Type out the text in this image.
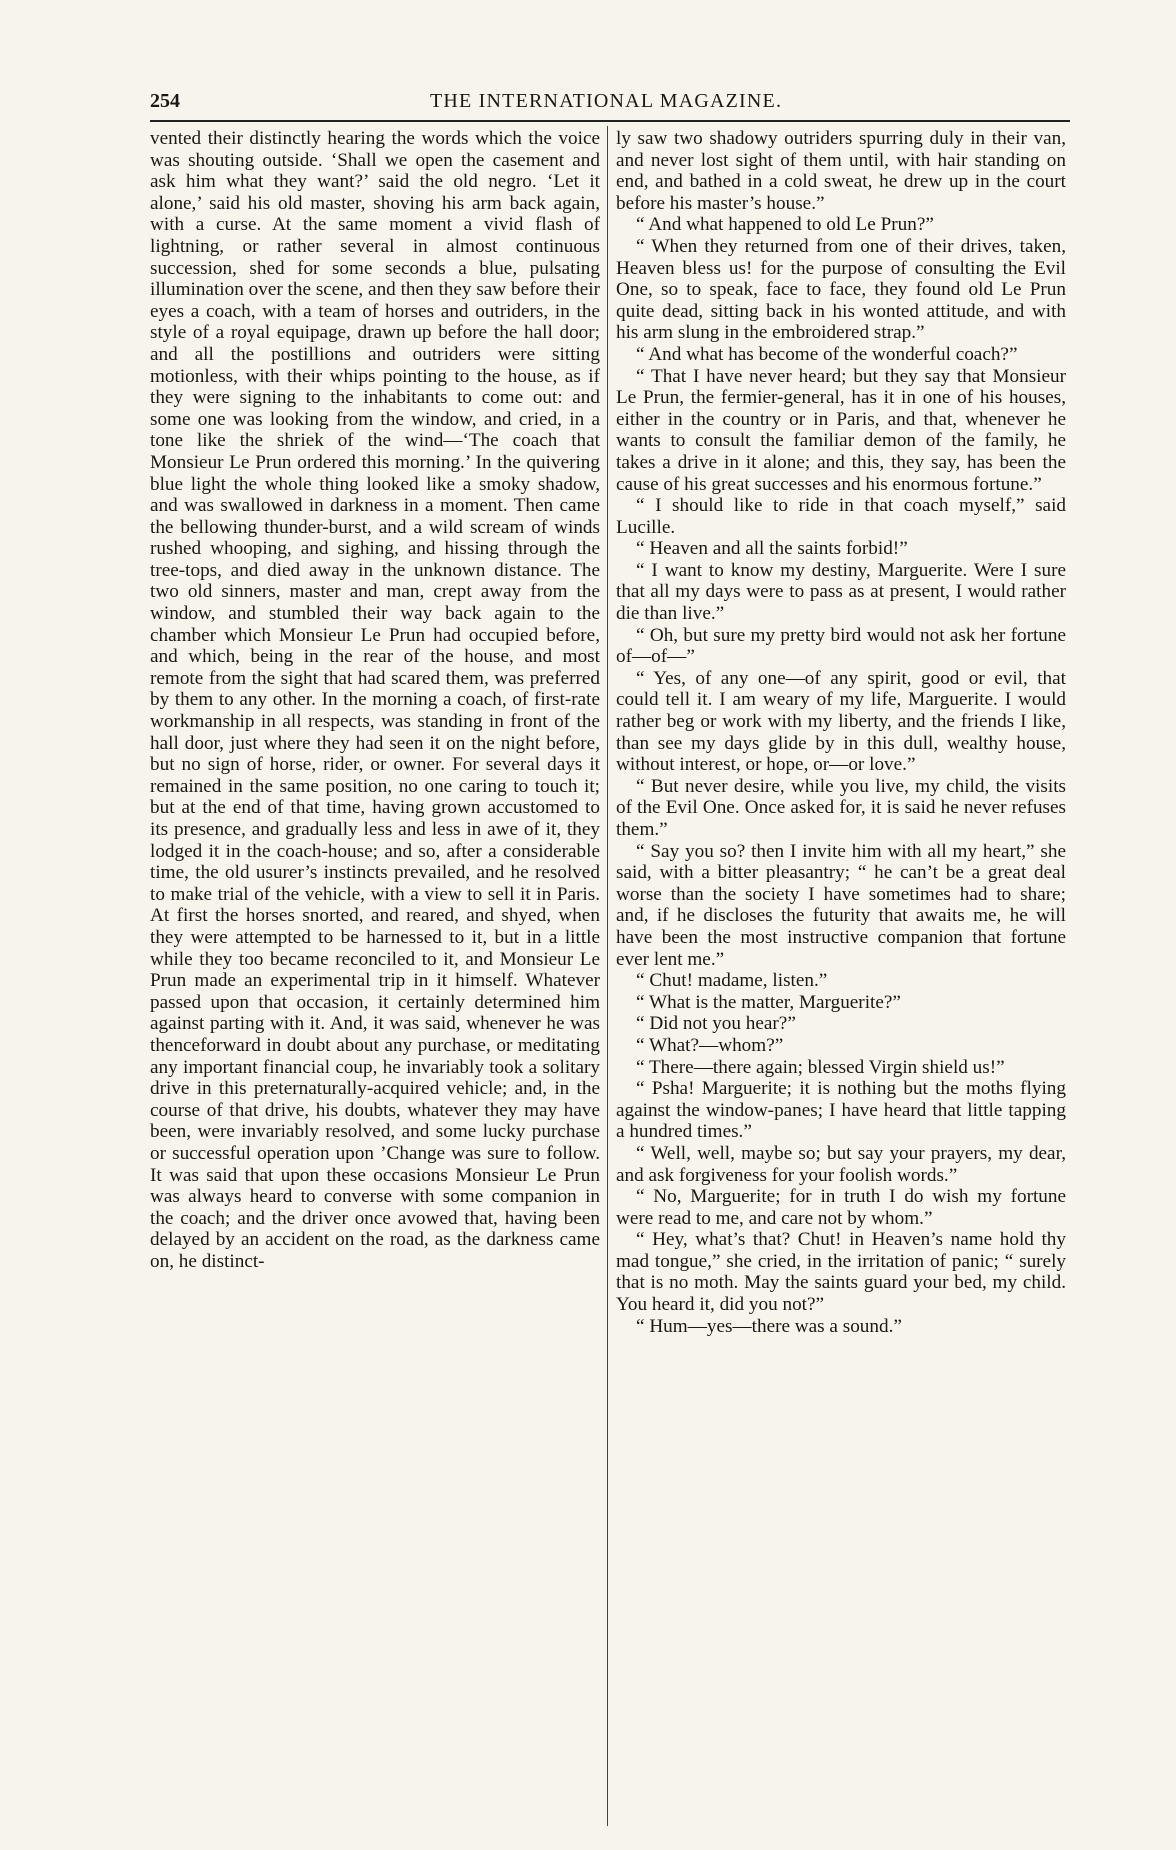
254	THE INTERNATIONAL MAGAZINE.

vented their distinctly hearing the words which the voice was shouting outside. ‘Shall we open the casement and ask him what they want?’ said the old negro. ‘Let it alone,’ said his old master, shoving his arm back again, with a curse. At the same moment a vivid flash of lightning, or rather several in almost continuous succession, shed for some seconds a blue, pulsating illumination over the scene, and then they saw before their eyes a coach, with a team of horses and outriders, in the style of a royal equipage, drawn up before the hall door; and all the postillions and outriders were sitting motionless, with their whips pointing to the house, as if they were signing to the inhabitants to come out: and some one was looking from the window, and cried, in a tone like the shriek of the wind—‘The coach that Monsieur Le Prun ordered this morning.’ In the quivering blue light the whole thing looked like a smoky shadow, and was swallowed in darkness in a moment. Then came the bellowing thunder-burst, and a wild scream of winds rushed whooping, and sighing, and hissing through the tree-tops, and died away in the unknown distance. The two old sinners, master and man, crept away from the window, and stumbled their way back again to the chamber which Monsieur Le Prun had occupied before, and which, being in the rear of the house, and most remote from the sight that had scared them, was preferred by them to any other. In the morning a coach, of first-rate workmanship in all respects, was standing in front of the hall door, just where they had seen it on the night before, but no sign of horse, rider, or owner. For several days it remained in the same position, no one caring to touch it; but at the end of that time, having grown accustomed to its presence, and gradually less and less in awe of it, they lodged it in the coach-house; and so, after a considerable time, the old usurer’s instincts prevailed, and he resolved to make trial of the vehicle, with a view to sell it in Paris. At first the horses snorted, and reared, and shyed, when they were attempted to be harnessed to it, but in a little while they too became reconciled to it, and Monsieur Le Prun made an experimental trip in it himself. Whatever passed upon that occasion, it certainly determined him against parting with it. And, it was said, whenever he was thenceforward in doubt about any purchase, or meditating any important financial coup, he invariably took a solitary drive in this preternaturally-acquired vehicle; and, in the course of that drive, his doubts, whatever they may have been, were invariably resolved, and some lucky purchase or successful operation upon ’Change was sure to follow. It was said that upon these occasions Monsieur Le Prun was always heard to converse with some companion in the coach; and the driver once avowed that, having been delayed by an accident on the road, as the darkness came on, he distinct-

ly saw two shadowy outriders spurring duly in their van, and never lost sight of them until, with hair standing on end, and bathed in a cold sweat, he drew up in the court before his master’s house.”

“ And what happened to old Le Prun?”

“ When they returned from one of their drives, taken, Heaven bless us! for the purpose of consulting the Evil One, so to speak, face to face, they found old Le Prun quite dead, sitting back in his wonted attitude, and with his arm slung in the embroidered strap.”

“ And what has become of the wonderful coach?”

“ That I have never heard; but they say that Monsieur Le Prun, the fermier-general, has it in one of his houses, either in the country or in Paris, and that, whenever he wants to consult the familiar demon of the family, he takes a drive in it alone; and this, they say, has been the cause of his great successes and his enormous fortune.”

“ I should like to ride in that coach myself,” said Lucille.

“ Heaven and all the saints forbid!”

“ I want to know my destiny, Marguerite. Were I sure that all my days were to pass as at present, I would rather die than live.”

“ Oh, but sure my pretty bird would not ask her fortune of—of—”

“ Yes, of any one—of any spirit, good or evil, that could tell it. I am weary of my life, Marguerite. I would rather beg or work with my liberty, and the friends I like, than see my days glide by in this dull, wealthy house, without interest, or hope, or—or love.”

“ But never desire, while you live, my child, the visits of the Evil One. Once asked for, it is said he never refuses them.”

“ Say you so? then I invite him with all my heart,” she said, with a bitter pleasantry; “ he can’t be a great deal worse than the society I have sometimes had to share; and, if he discloses the futurity that awaits me, he will have been the most instructive companion that fortune ever lent me.”

“ Chut! madame, listen.”

“ What is the matter, Marguerite?”

“ Did not you hear?”

“ What?—whom?”

“ There—there again; blessed Virgin shield us!”

“ Psha! Marguerite; it is nothing but the moths flying against the window-panes; I have heard that little tapping a hundred times.”

“ Well, well, maybe so; but say your prayers, my dear, and ask forgiveness for your foolish words.”

“ No, Marguerite; for in truth I do wish my fortune were read to me, and care not by whom.”

“ Hey, what’s that? Chut! in Heaven’s name hold thy mad tongue,” she cried, in the irritation of panic; “ surely that is no moth. May the saints guard your bed, my child. You heard it, did you not?”

“ Hum—yes—there was a sound.”
